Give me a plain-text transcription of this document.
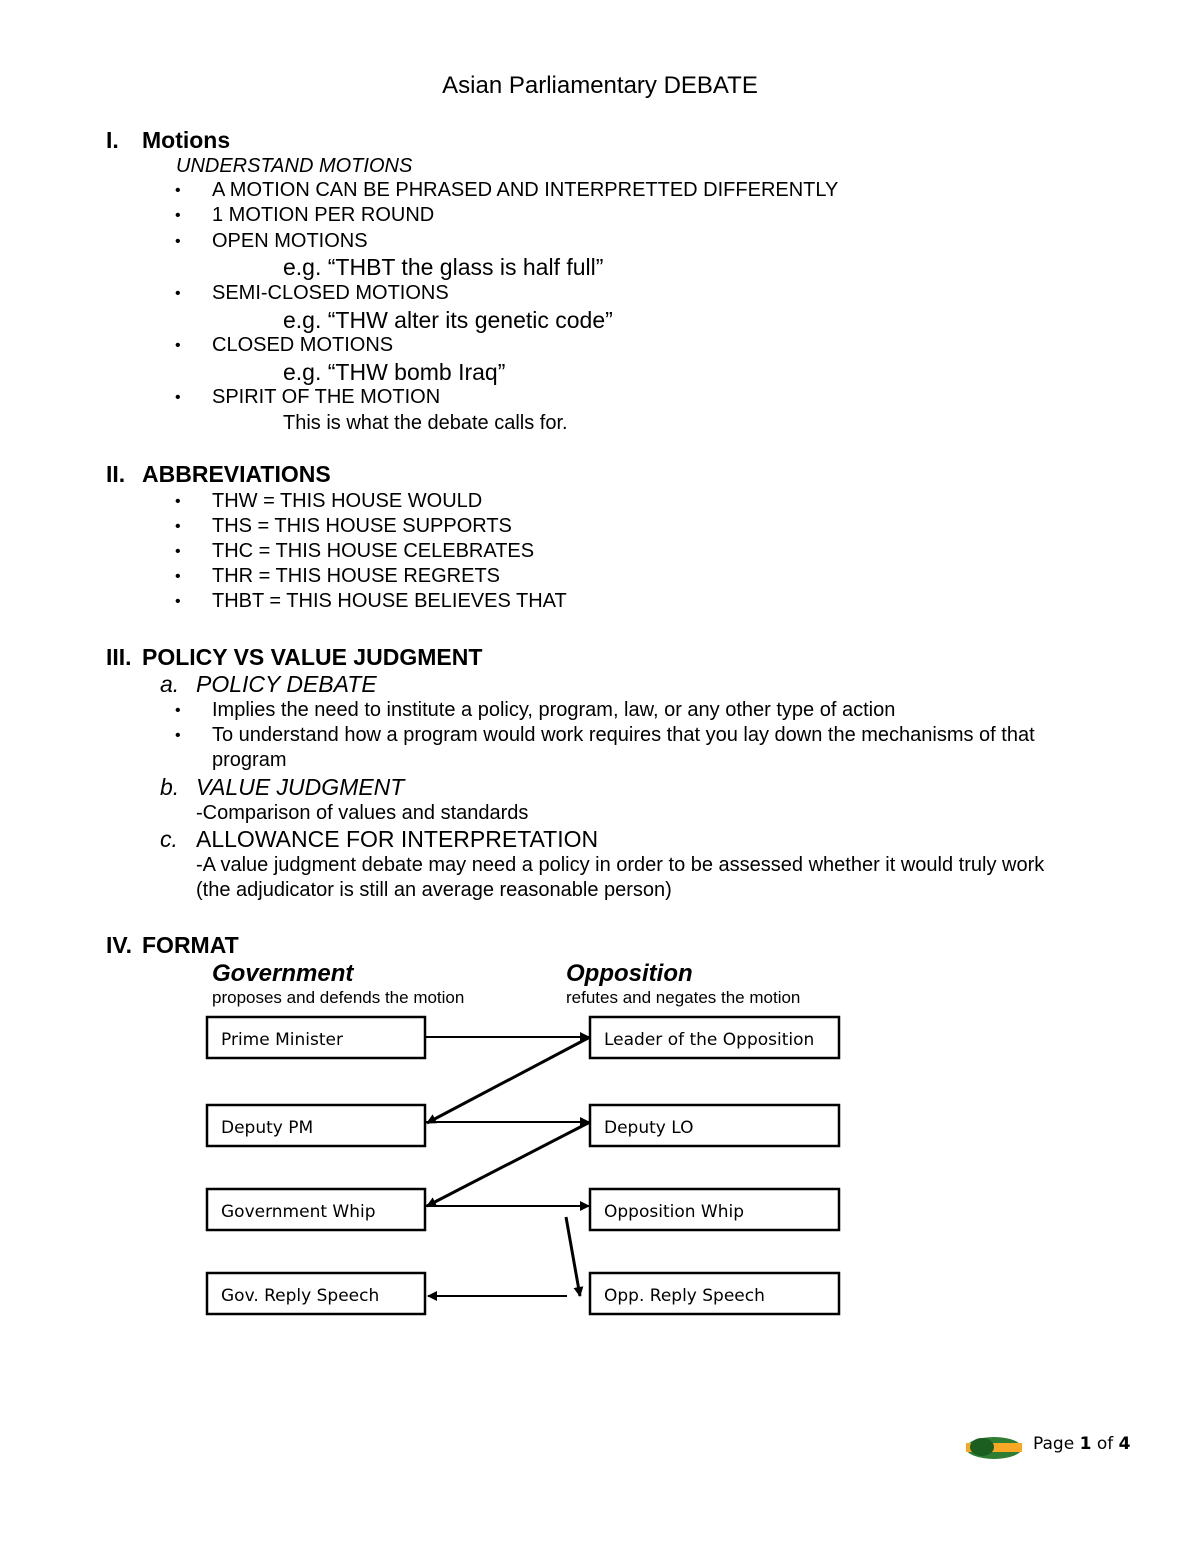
Asian Parliamentary DEBATE
I. Motions
UNDERSTAND MOTIONS
• A MOTION CAN BE PHRASED AND INTERPRETTED DIFFERENTLY
• 1 MOTION PER ROUND
• OPEN MOTIONS
e.g. “THBT the glass is half full”
• SEMI-CLOSED MOTIONS
e.g. “THW alter its genetic code”
• CLOSED MOTIONS
e.g. “THW bomb Iraq”
• SPIRIT OF THE MOTION
This is what the debate calls for.
II. ABBREVIATIONS
• THW = THIS HOUSE WOULD
• THS = THIS HOUSE SUPPORTS
• THC = THIS HOUSE CELEBRATES
• THR = THIS HOUSE REGRETS
• THBT = THIS HOUSE BELIEVES THAT
III. POLICY VS VALUE JUDGMENT
a. POLICY DEBATE
• Implies the need to institute a policy, program, law, or any other type of action
• To understand how a program would work requires that you lay down the mechanisms of that
program
b. VALUE JUDGMENT
-Comparison of values and standards
c. ALLOWANCE FOR INTERPRETATION
-A value judgment debate may need a policy in order to be assessed whether it would truly work
(the adjudicator is still an average reasonable person)
IV. FORMAT
Government
proposes and defends the motion
Opposition
refutes and negates the motion
Prime Minister	Leader of the Opposition
Deputy PM	Deputy LO
Government Whip	Opposition Whip
Gov. Reply Speech	Opp. Reply Speech
Page 1 of 4
